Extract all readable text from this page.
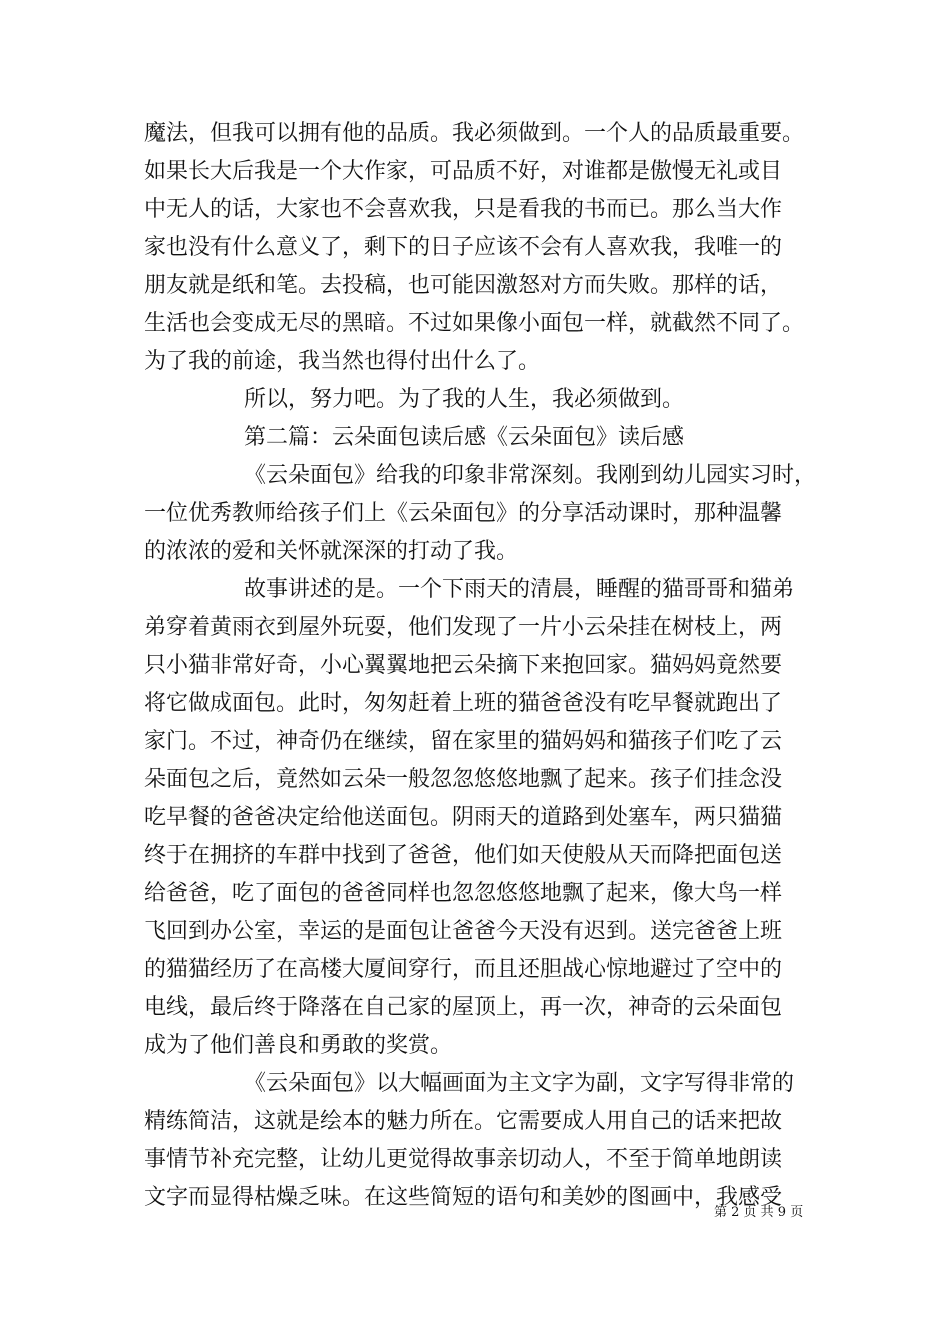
魔法，但我可以拥有他的品质。我必须做到。一个人的品质最重要。
如果长大后我是一个大作家，可品质不好，对谁都是傲慢无礼或目
中无人的话，大家也不会喜欢我，只是看我的书而已。那么当大作
家也没有什么意义了，剩下的日子应该不会有人喜欢我，我唯一的
朋友就是纸和笔。去投稿，也可能因激怒对方而失败。那样的话，
生活也会变成无尽的黑暗。不过如果像小面包一样，就截然不同了。
为了我的前途，我当然也得付出什么了。
所以，努力吧。为了我的人生，我必须做到。
第二篇：云朵面包读后感《云朵面包》读后感
《云朵面包》给我的印象非常深刻。我刚到幼儿园实习时，
一位优秀教师给孩子们上《云朵面包》的分享活动课时，那种温馨
的浓浓的爱和关怀就深深的打动了我。
故事讲述的是。一个下雨天的清晨，睡醒的猫哥哥和猫弟
弟穿着黄雨衣到屋外玩耍，他们发现了一片小云朵挂在树枝上，两
只小猫非常好奇，小心翼翼地把云朵摘下来抱回家。猫妈妈竟然要
将它做成面包。此时，匆匆赶着上班的猫爸爸没有吃早餐就跑出了
家门。不过，神奇仍在继续，留在家里的猫妈妈和猫孩子们吃了云
朵面包之后，竟然如云朵一般忽忽悠悠地飘了起来。孩子们挂念没
吃早餐的爸爸决定给他送面包。阴雨天的道路到处塞车，两只猫猫
终于在拥挤的车群中找到了爸爸，他们如天使般从天而降把面包送
给爸爸，吃了面包的爸爸同样也忽忽悠悠地飘了起来，像大鸟一样
飞回到办公室，幸运的是面包让爸爸今天没有迟到。送完爸爸上班
的猫猫经历了在高楼大厦间穿行，而且还胆战心惊地避过了空中的
电线，最后终于降落在自己家的屋顶上，再一次，神奇的云朵面包
成为了他们善良和勇敢的奖赏。
《云朵面包》以大幅画面为主文字为副，文字写得非常的
精练简洁，这就是绘本的魅力所在。它需要成人用自己的话来把故
事情节补充完整，让幼儿更觉得故事亲切动人，不至于简单地朗读
文字而显得枯燥乏味。在这些简短的语句和美妙的图画中，我感受
第 2 页 共 9 页
